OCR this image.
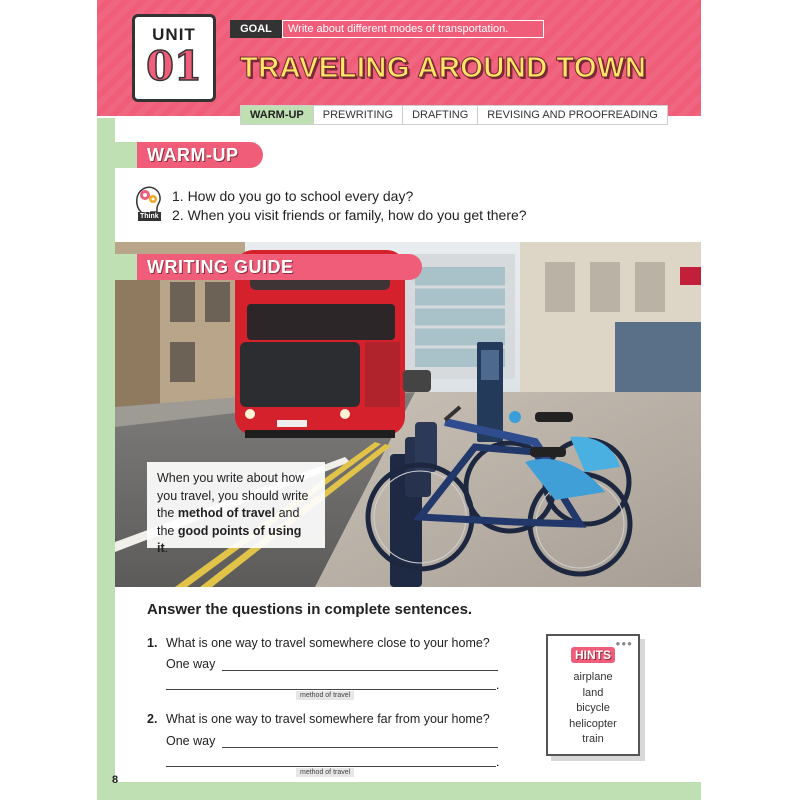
UNIT
01
GOAL	Write about different modes of transportation.
TRAVELING AROUND TOWN
WARM-UP	PREWRITING	DRAFTING	REVISING AND PROOFREADING
WARM-UP
Think
1. How do you go to school every day?
2. When you visit friends or family, how do you get there?
WRITING GUIDE
When you write about how you travel, you should write the method of travel and the good points of using it.
Answer the questions in complete sentences.
1. What is one way to travel somewhere close to your home?
One way
.
method of travel
2. What is one way to travel somewhere far from your home?
One way
.
method of travel
●●●
HINTS
airplane
land
bicycle
helicopter
train
8
